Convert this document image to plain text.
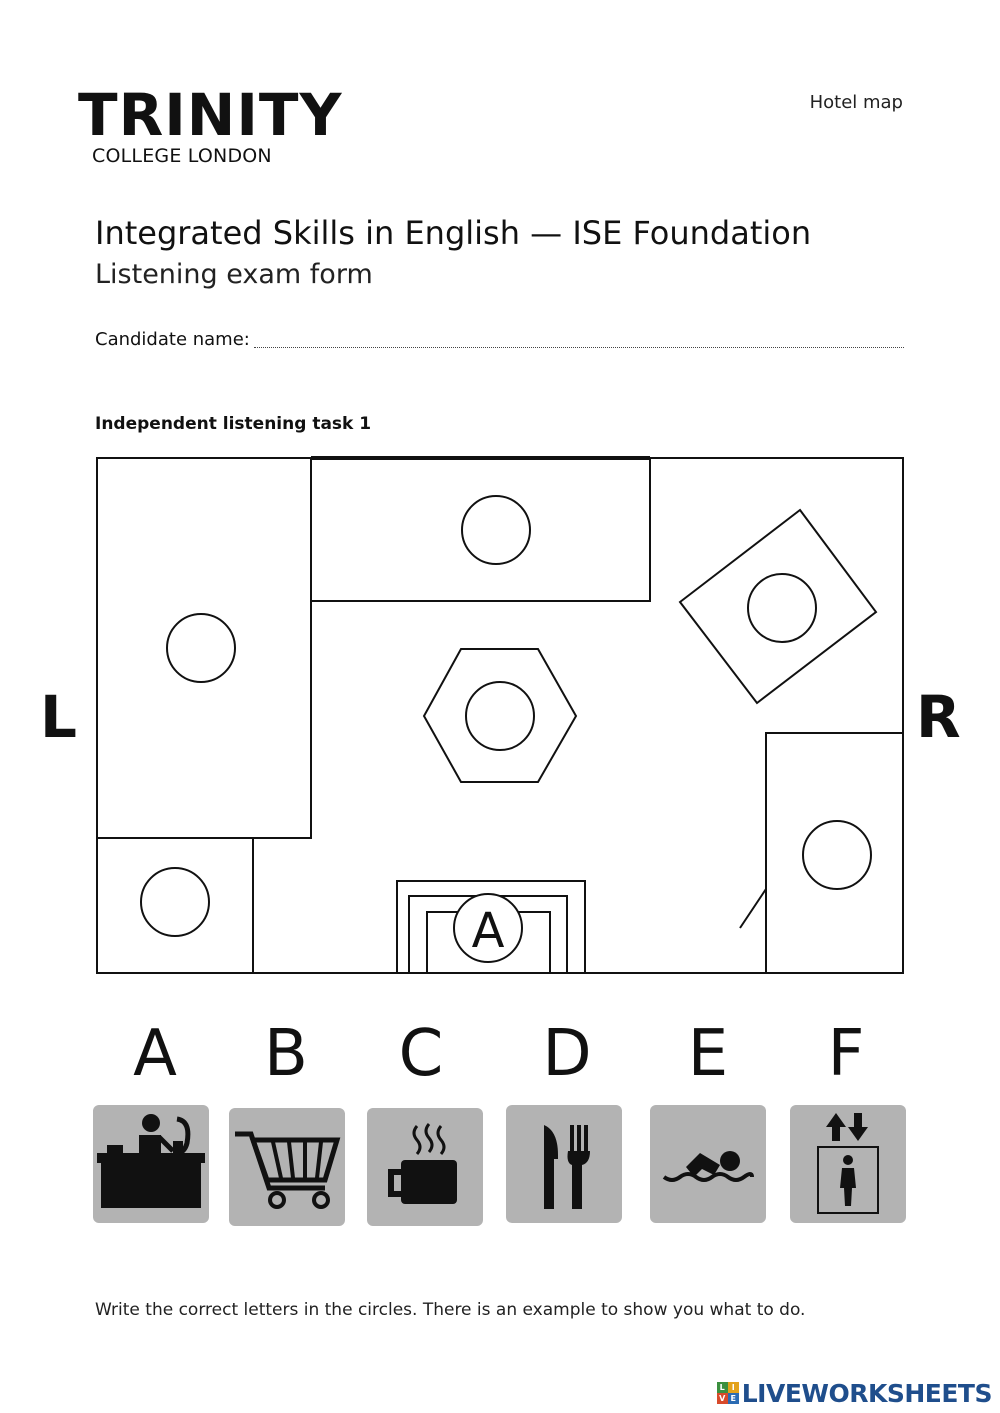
TRINITY
COLLEGE LONDON
Hotel map
Integrated Skills in English — ISE Foundation
Listening exam form
Candidate name:
Independent listening task 1
A
L	R
A	B	C	D	E	F
Write the correct letters in the circles. There is an example to show you what to do.
L I
V E LIVEWORKSHEETS
